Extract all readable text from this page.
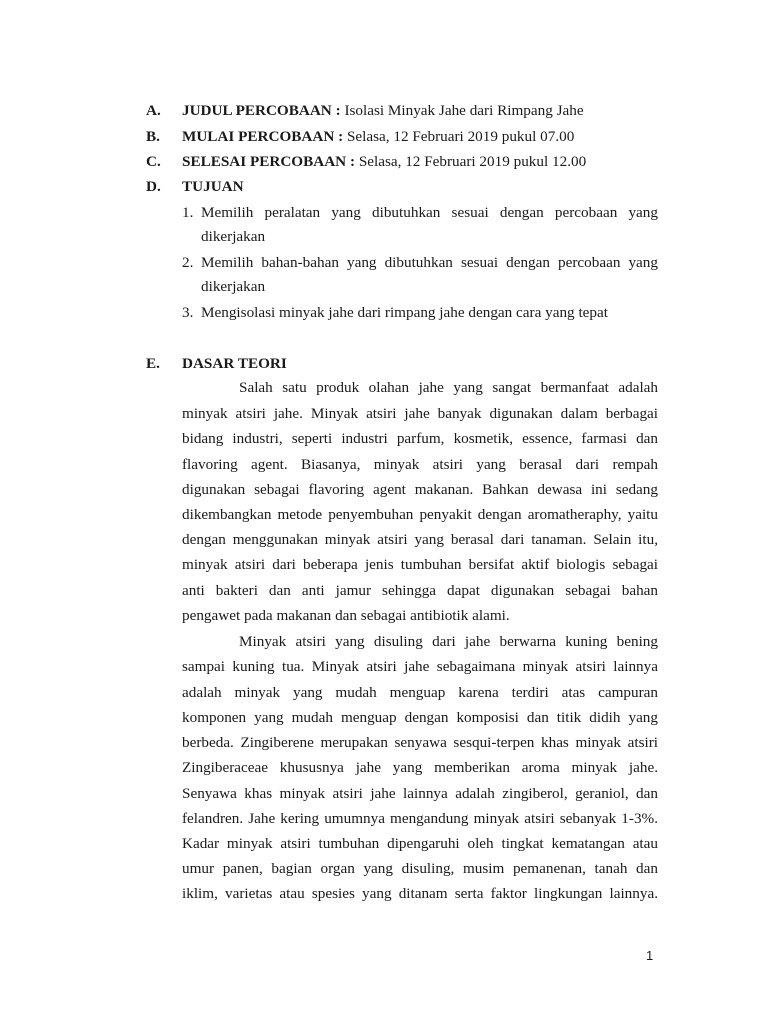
A. JUDUL PERCOBAAN : Isolasi Minyak Jahe dari Rimpang Jahe
B. MULAI PERCOBAAN : Selasa, 12 Februari 2019 pukul 07.00
C. SELESAI PERCOBAAN : Selasa, 12 Februari 2019 pukul 12.00
D. TUJUAN
1. Memilih peralatan yang dibutuhkan sesuai dengan percobaan yang
dikerjakan
2. Memilih bahan-bahan yang dibutuhkan sesuai dengan percobaan yang
dikerjakan
3. Mengisolasi minyak jahe dari rimpang jahe dengan cara yang tepat
E. DASAR TEORI
Salah satu produk olahan jahe yang sangat bermanfaat adalah
minyak atsiri jahe. Minyak atsiri jahe banyak digunakan dalam berbagai
bidang industri, seperti industri parfum, kosmetik, essence, farmasi dan
flavoring agent. Biasanya, minyak atsiri yang berasal dari rempah
digunakan sebagai flavoring agent makanan. Bahkan dewasa ini sedang
dikembangkan metode penyembuhan penyakit dengan aromatheraphy, yaitu
dengan menggunakan minyak atsiri yang berasal dari tanaman. Selain itu,
minyak atsiri dari beberapa jenis tumbuhan bersifat aktif biologis sebagai
anti bakteri dan anti jamur sehingga dapat digunakan sebagai bahan
pengawet pada makanan dan sebagai antibiotik alami.
Minyak atsiri yang disuling dari jahe berwarna kuning bening
sampai kuning tua. Minyak atsiri jahe sebagaimana minyak atsiri lainnya
adalah minyak yang mudah menguap karena terdiri atas campuran
komponen yang mudah menguap dengan komposisi dan titik didih yang
berbeda. Zingiberene merupakan senyawa sesqui-terpen khas minyak atsiri
Zingiberaceae khususnya jahe yang memberikan aroma minyak jahe.
Senyawa khas minyak atsiri jahe lainnya adalah zingiberol, geraniol, dan
felandren. Jahe kering umumnya mengandung minyak atsiri sebanyak 1-3%.
Kadar minyak atsiri tumbuhan dipengaruhi oleh tingkat kematangan atau
umur panen, bagian organ yang disuling, musim pemanenan, tanah dan
iklim, varietas atau spesies yang ditanam serta faktor lingkungan lainnya.
1
